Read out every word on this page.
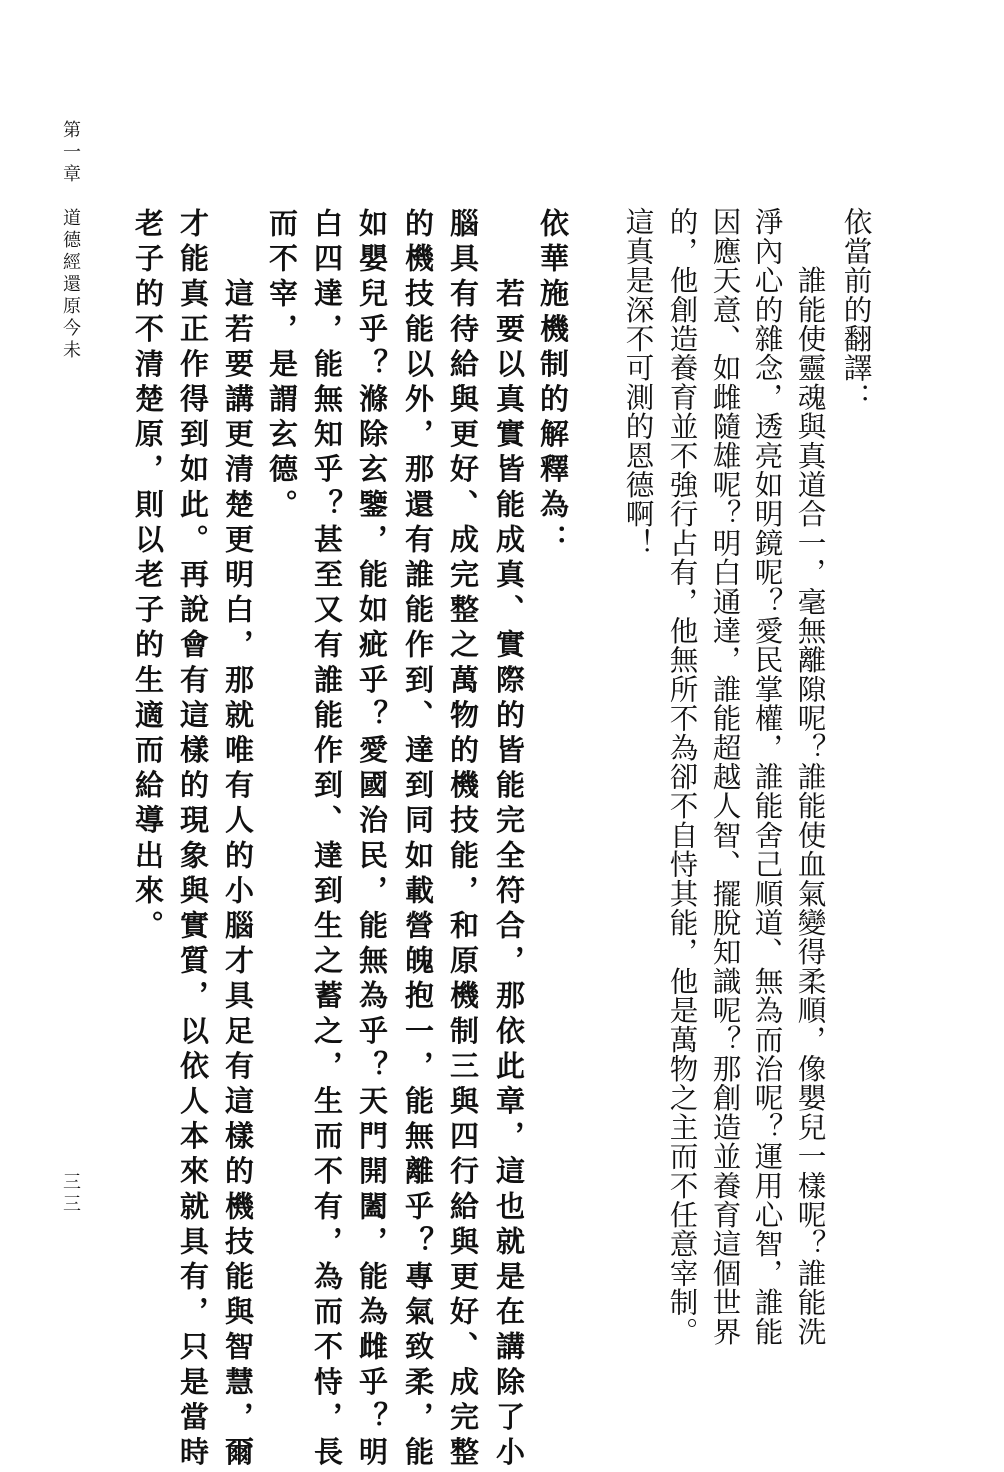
依當前的翻譯：
　　誰能使靈魂與真道合一，毫無離隙呢？誰能使血氣變得柔順，像嬰兒一樣呢？誰能洗
淨內心的雜念，透亮如明鏡呢？愛民掌權，誰能舍己順道、無為而治呢？運用心智，誰能
因應天意、如雌隨雄呢？明白通達，誰能超越人智、擺脫知識呢？那創造並養育這個世界
的，他創造養育並不強行占有，他無所不為卻不自恃其能，他是萬物之主而不任意宰制。
這真是深不可測的恩德啊！
依華施機制的解釋為：
　　若要以真實皆能成真、實際的皆能完全符合，那依此章，這也就是在講除了小
腦具有待給與更好、成完整之萬物的機技能，和原機制三與四行給與更好、成完整
的機技能以外，那還有誰能作到、達到同如載營魄抱一，能無離乎？專氣致柔，能
如嬰兒乎？滌除玄鑒，能如疵乎？愛國治民，能無為乎？天門開闔，能為雌乎？明
白四達，能無知乎？甚至又有誰能作到、達到生之蓄之，生而不有，為而不恃，長
而不宰，是謂玄德。
　　這若要講更清楚更明白，那就唯有人的小腦才具足有這樣的機技能與智慧，爾
才能真正作得到如此。再說會有這樣的現象與實質，以依人本來就具有，只是當時
老子的不清楚原，則以老子的生適而給導出來。
第一章
道德經還原今未
三三
